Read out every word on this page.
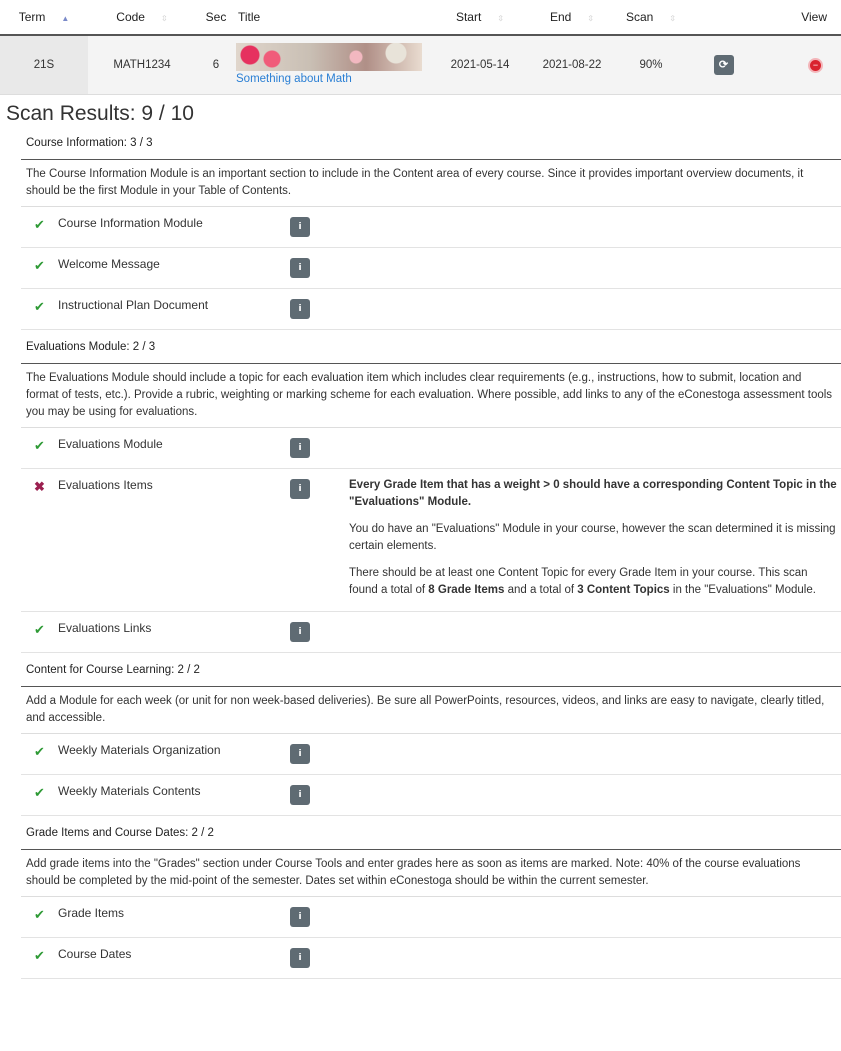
Term ▲	Code ⇳	Sec	Title	Start ⇳	End ⇳	Scan ⇳		View
21S	MATH1234	6	Something about Math	2021-05-14	2021-08-22	90%	⟳	−
Scan Results: 9 / 10
Course Information: 3 / 3
The Course Information Module is an important section to include in the Content area of every course. Since it provides important overview documents, it should be the first Module in your Table of Contents.
✔	Course Information Module	i
✔	Welcome Message	i
✔	Instructional Plan Document	i
Evaluations Module: 2 / 3
The Evaluations Module should include a topic for each evaluation item which includes clear requirements (e.g., instructions, how to submit, location and format of tests, etc.). Provide a rubric, weighting or marking scheme for each evaluation. Where possible, add links to any of the eConestoga assessment tools you may be using for evaluations.
✔	Evaluations Module	i
✖	Evaluations Items	i	Every Grade Item that has a weight > 0 should have a corresponding Content Topic in the "Evaluations" Module.

You do have an "Evaluations" Module in your course, however the scan determined it is missing certain elements.

There should be at least one Content Topic for every Grade Item in your course. This scan found a total of 8 Grade Items and a total of 3 Content Topics in the "Evaluations" Module.

✔	Evaluations Links	i
Content for Course Learning: 2 / 2
Add a Module for each week (or unit for non week-based deliveries). Be sure all PowerPoints, resources, videos, and links are easy to navigate, clearly titled, and accessible.
✔	Weekly Materials Organization	i
✔	Weekly Materials Contents	i
Grade Items and Course Dates: 2 / 2
Add grade items into the "Grades" section under Course Tools and enter grades here as soon as items are marked. Note: 40% of the course evaluations should be completed by the mid-point of the semester. Dates set within eConestoga should be within the current semester.
✔	Grade Items	i
✔	Course Dates	i
